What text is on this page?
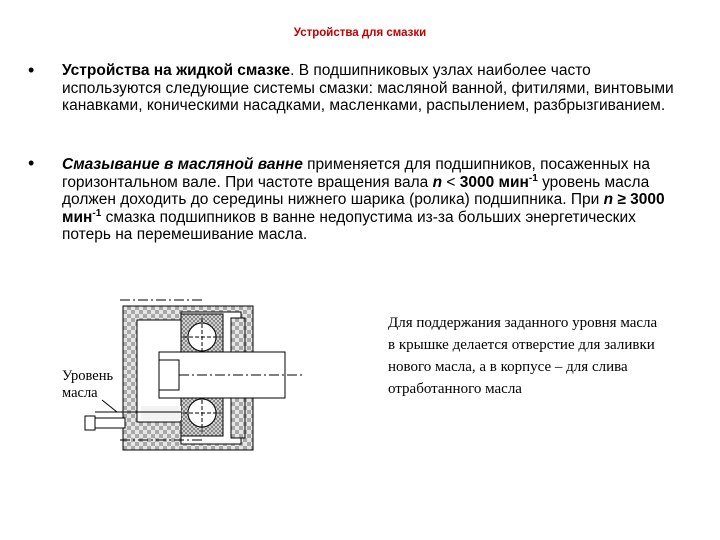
Устройства для смазки
• Устройства на жидкой смазке. В подшипниковых узлах наиболее часто используются следующие системы смазки: масляной ванной, фитилями, винтовыми канавками, коническими насадками, масленками, распылением, разбрызгиванием.
• Смазывание в масляной ванне применяется для подшипников, посаженных на горизонтальном вале. При частоте вращения вала n < 3000 мин$^{-1}$ уровень масла должен доходить до середины нижнего шарика (ролика) подшипника. При n ≥ 3000 мин$^{-1}$ смазка подшипников в ванне недопустима из-за больших энергетических потерь на перемешивание масла.
Уровень
масла
Для поддержания заданного уровня масла в крышке делается отверстие для заливки нового масла, а в корпусе – для слива отработанного масла
